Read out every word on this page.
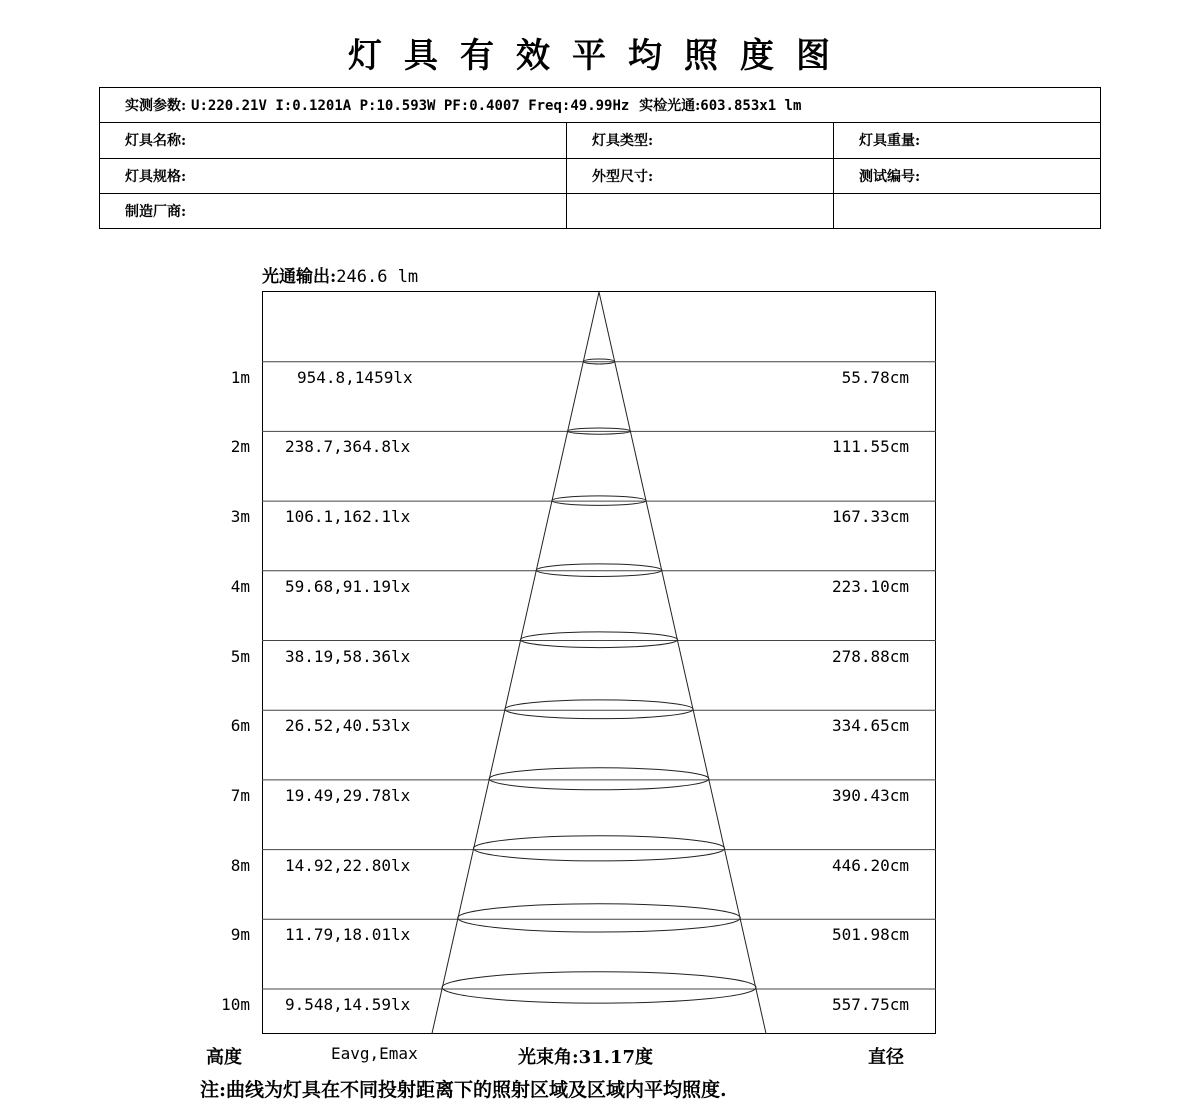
灯具有效平均照度图
实测参数: U:220.21V I:0.1201A P:10.593W PF:0.4007 Freq:49.99Hz 实检光通:603.853x1 lm		
灯具名称:	灯具类型:	灯具重量:
灯具规格:	外型尺寸:	测试编号:
制造厂商:		
光通输出:246.6 lm
1m	954.8,1459lx	55.78cm
2m 238.7,364.8lx	111.55cm
3m 106.1,162.1lx	167.33cm
4m 59.68,91.19lx	223.10cm
5m 38.19,58.36lx	278.88cm
6m 26.52,40.53lx	334.65cm
7m 19.49,29.78lx	390.43cm
8m 14.92,22.80lx	446.20cm
9m 11.79,18.01lx	501.98cm
10m 9.548,14.59lx	557.75cm
高度	Eavg,Emax	光束角:31.17度	直径
注:曲线为灯具在不同投射距离下的照射区域及区域内平均照度.
